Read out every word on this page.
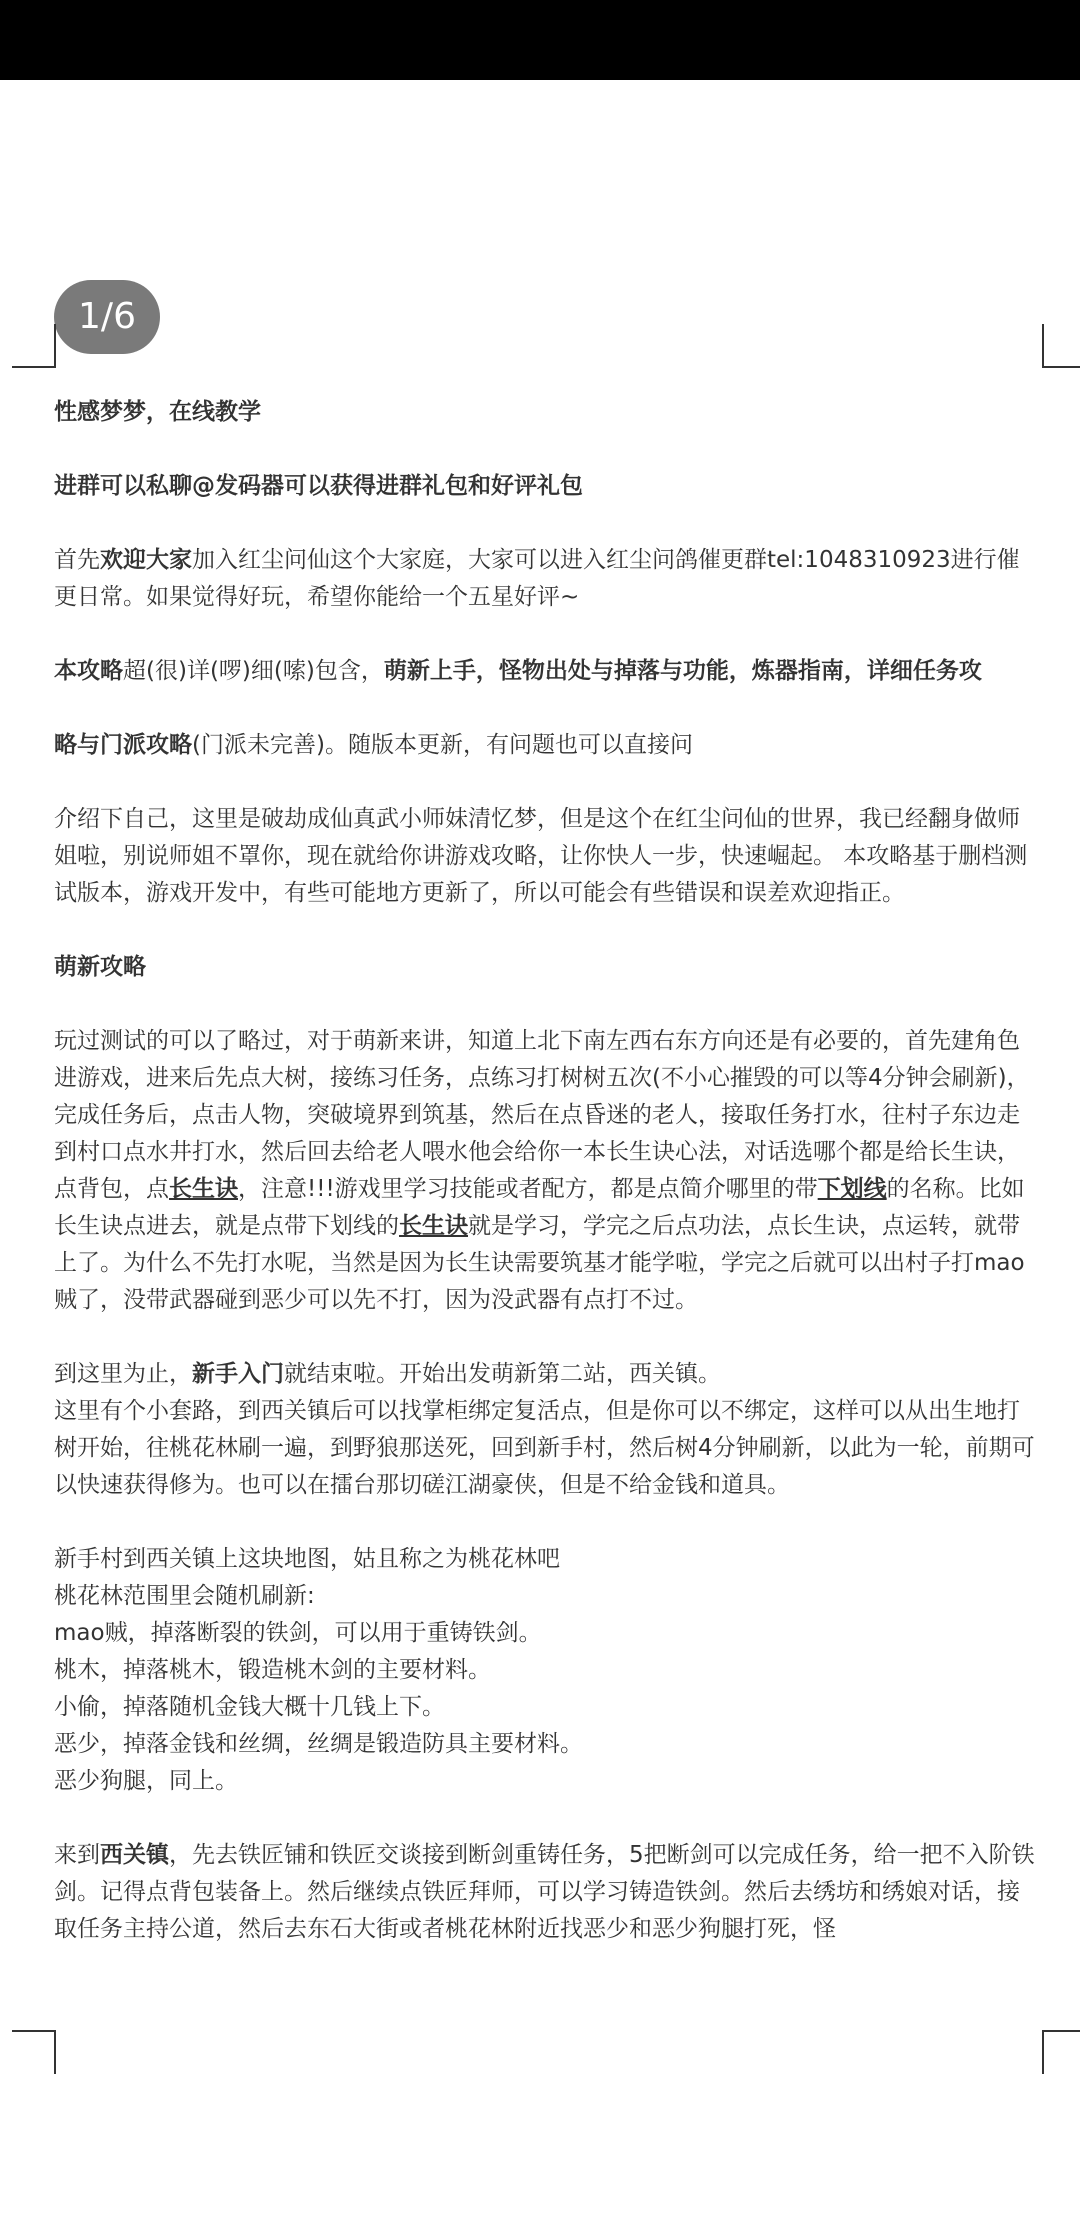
1/6

性感梦梦，在线教学

进群可以私聊@发码器可以获得进群礼包和好评礼包

首先欢迎大家加入红尘问仙这个大家庭，大家可以进入红尘问鸽催更群tel:1048310923进行催更日常。如果觉得好玩，希望你能给一个五星好评~

本攻略超(很)详(啰)细(嗦)包含，萌新上手，怪物出处与掉落与功能，炼器指南，详细任务攻

略与门派攻略(门派未完善)。随版本更新，有问题也可以直接问

介绍下自己，这里是破劫成仙真武小师妹清忆梦，但是这个在红尘问仙的世界，我已经翻身做师姐啦，别说师姐不罩你，现在就给你讲游戏攻略，让你快人一步，快速崛起。 本攻略基于删档测试版本，游戏开发中，有些可能地方更新了，所以可能会有些错误和误差欢迎指正。

萌新攻略

玩过测试的可以了略过，对于萌新来讲，知道上北下南左西右东方向还是有必要的，首先建角色进游戏，进来后先点大树，接练习任务，点练习打树树五次(不小心摧毁的可以等4分钟会刷新)，完成任务后，点击人物，突破境界到筑基，然后在点昏迷的老人，接取任务打水，往村子东边走到村口点水井打水，然后回去给老人喂水他会给你一本长生诀心法，对话选哪个都是给长生诀，点背包，点长生诀，注意!!!游戏里学习技能或者配方，都是点简介哪里的带下划线的名称。比如长生诀点进去，就是点带下划线的长生诀就是学习，学完之后点功法，点长生诀，点运转，就带上了。为什么不先打水呢，当然是因为长生诀需要筑基才能学啦，学完之后就可以出村子打mao贼了，没带武器碰到恶少可以先不打，因为没武器有点打不过。

到这里为止，新手入门就结束啦。开始出发萌新第二站，西关镇。

这里有个小套路，到西关镇后可以找掌柜绑定复活点，但是你可以不绑定，这样可以从出生地打树开始，往桃花林刷一遍，到野狼那送死，回到新手村，然后树4分钟刷新，以此为一轮，前期可以快速获得修为。也可以在擂台那切磋江湖豪侠，但是不给金钱和道具。

新手村到西关镇上这块地图，姑且称之为桃花林吧

桃花林范围里会随机刷新:

mao贼，掉落断裂的铁剑，可以用于重铸铁剑。

桃木，掉落桃木，锻造桃木剑的主要材料。

小偷，掉落随机金钱大概十几钱上下。

恶少，掉落金钱和丝绸，丝绸是锻造防具主要材料。

恶少狗腿，同上。

来到西关镇，先去铁匠铺和铁匠交谈接到断剑重铸任务，5把断剑可以完成任务，给一把不入阶铁剑。记得点背包装备上。然后继续点铁匠拜师，可以学习铸造铁剑。然后去绣坊和绣娘对话，接取任务主持公道，然后去东石大街或者桃花林附近找恶少和恶少狗腿打死，怪
